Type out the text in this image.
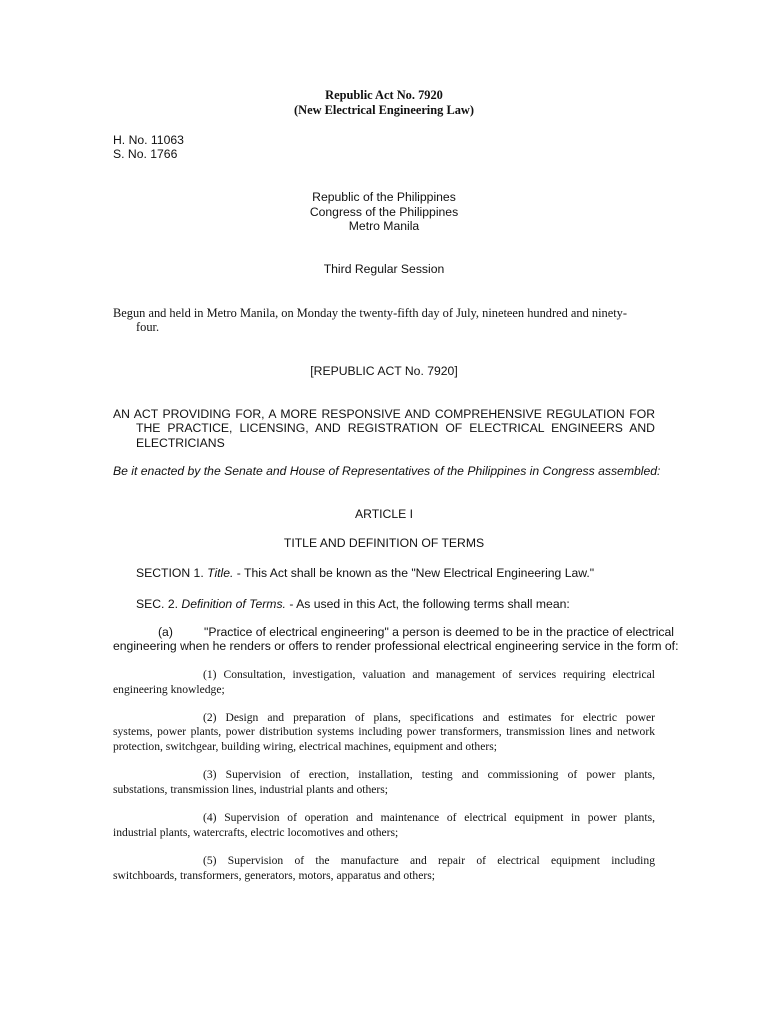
Republic Act No. 7920
(New Electrical Engineering Law)
H. No. 11063
S. No. 1766
Republic of the Philippines
Congress of the Philippines
Metro Manila
Third Regular Session
Begun and held in Metro Manila, on Monday the twenty-fifth day of July, nineteen hundred and ninety-
four.
[REPUBLIC ACT No. 7920]
AN ACT PROVIDING FOR, A MORE RESPONSIVE AND COMPREHENSIVE REGULATION FOR
THE PRACTICE, LICENSING, AND REGISTRATION OF ELECTRICAL ENGINEERS AND
ELECTRICIANS
Be it enacted by the Senate and House of Representatives of the Philippines in Congress assembled:
ARTICLE I
TITLE AND DEFINITION OF TERMS
SECTION 1. Title. - This Act shall be known as the "New Electrical Engineering Law."
SEC. 2. Definition of Terms. - As used in this Act, the following terms shall mean:
(a)	"Practice of electrical engineering" a person is deemed to be in the practice of electrical
engineering when he renders or offers to render professional electrical engineering service in the form of:
(1) Consultation, investigation, valuation and management of services requiring electrical
engineering knowledge;
(2) Design and preparation of plans, specifications and estimates for electric power
systems, power plants, power distribution systems including power transformers, transmission lines and network protection, switchgear, building wiring, electrical machines, equipment and others;
(3) Supervision of erection, installation, testing and commissioning of power plants,
substations, transmission lines, industrial plants and others;
(4) Supervision of operation and maintenance of electrical equipment in power plants,
industrial plants, watercrafts, electric locomotives and others;
(5) Supervision of the manufacture and repair of electrical equipment including
switchboards, transformers, generators, motors, apparatus and others;
